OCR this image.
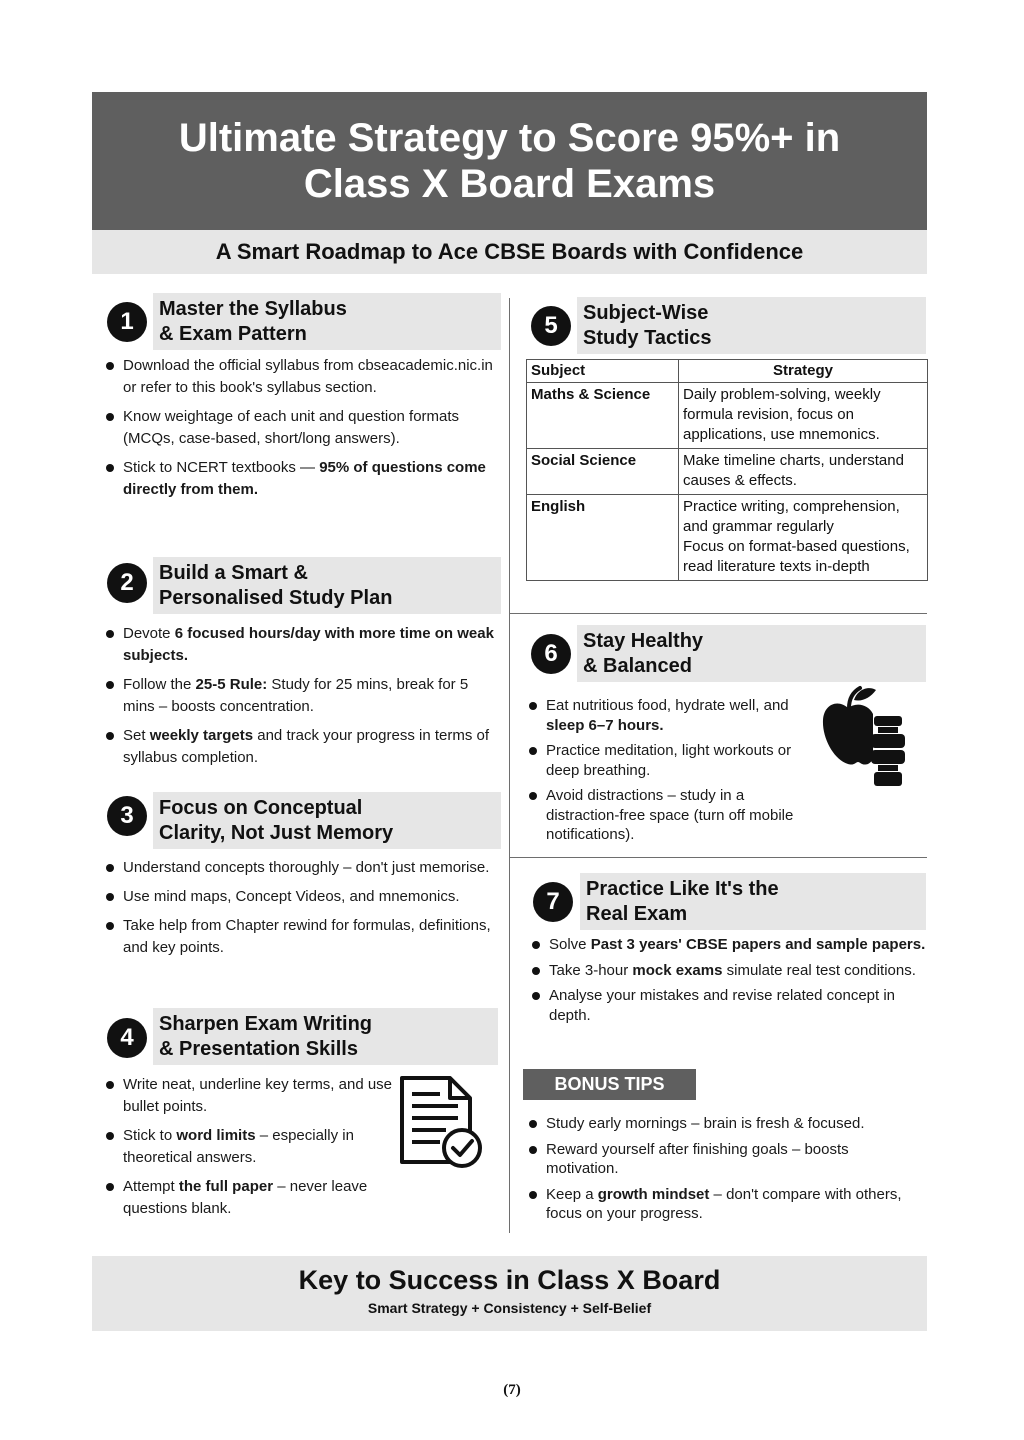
Ultimate Strategy to Score 95%+ in Class X Board Exams
A Smart Roadmap to Ace CBSE Boards with Confidence
1	Master the Syllabus
& Exam Pattern
Download the official syllabus from cbseacademic.nic.in or refer to this book's syllabus section.
Know weightage of each unit and question formats (MCQs, case-based, short/long answers).
Stick to NCERT textbooks — 95% of questions come directly from them.
2	Build a Smart &
Personalised Study Plan
Devote 6 focused hours/day with more time on weak subjects.
Follow the 25-5 Rule: Study for 25 mins, break for 5 mins – boosts concentration.
Set weekly targets and track your progress in terms of syllabus completion.
3	Focus on Conceptual
Clarity, Not Just Memory
Understand concepts thoroughly – don't just memorise.
Use mind maps, Concept Videos, and mnemonics.
Take help from Chapter rewind for formulas, definitions, and key points.
4
Sharpen Exam Writing
& Presentation Skills
Write neat, underline key terms, and use bullet points.
Stick to word limits – especially in theoretical answers.
Attempt the full paper – never leave questions blank.
5	Subject-Wise
Study Tactics
Subject	Strategy
Maths & Science	Daily problem-solving, weekly formula revision, focus on applications, use mnemonics.

Social Science	Make timeline charts, understand causes & effects.

English	Practice writing, comprehension, and grammar regularly
Focus on format-based questions, read literature texts in-depth
6	Stay Healthy
& Balanced
Eat nutritious food, hydrate well, and sleep 6–7 hours.
Practice meditation, light workouts or deep breathing.
Avoid distractions – study in a distraction-free space (turn off mobile notifications).
7	Practice Like It's the
Real Exam
Solve Past 3 years' CBSE papers and sample papers.
Take 3-hour mock exams simulate real test conditions.
Analyse your mistakes and revise related concept in depth.
BONUS TIPS
Study early mornings – brain is fresh & focused.
Reward yourself after finishing goals – boosts motivation.
Keep a growth mindset – don't compare with others, focus on your progress.
Key to Success in Class X Board
Smart Strategy + Consistency + Self-Belief
(7)
